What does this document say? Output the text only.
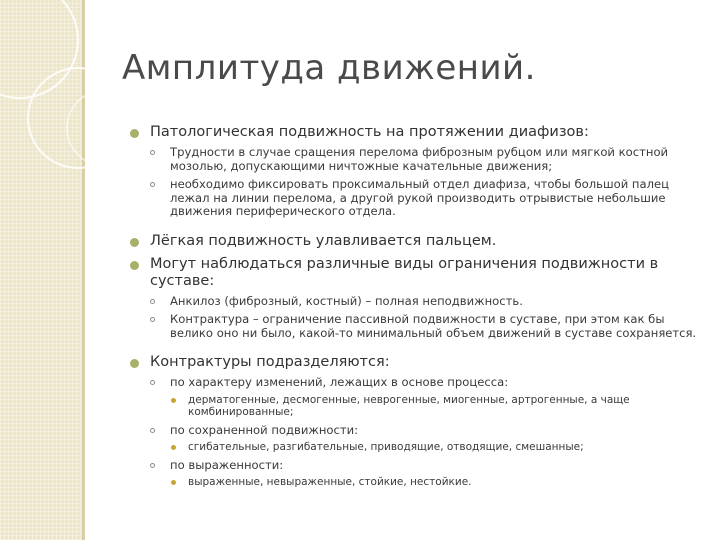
Амплитуда движений.
Патологическая подвижность на протяжении диафизов:
Трудности в случае сращения перелома фиброзным рубцом или мягкой костной мозолью, допускающими ничтожные качательные движения;
необходимо фиксировать проксимальный отдел диафиза, чтобы большой палец лежал на линии перелома, а другой рукой производить отрывистые небольшие движения периферического отдела.
Лёгкая подвижность улавливается пальцем.
Могут наблюдаться различные виды ограничения подвижности в суставе:
Анкилоз (фиброзный, костный) – полная неподвижность.
Контрактура – ограничение пассивной подвижности в суставе, при этом как бы велико оно ни было, какой-то минимальный объем движений в суставе сохраняется.
Контрактуры подразделяются:
по характеру изменений, лежащих в основе процесса:
дерматогенные, десмогенные, неврогенные, миогенные, артрогенные, а чаще комбинированные;
по сохраненной подвижности:
сгибательные, разгибательные, приводящие, отводящие, смешанные;
по выраженности:
выраженные, невыраженные, стойкие, нестойкие.
